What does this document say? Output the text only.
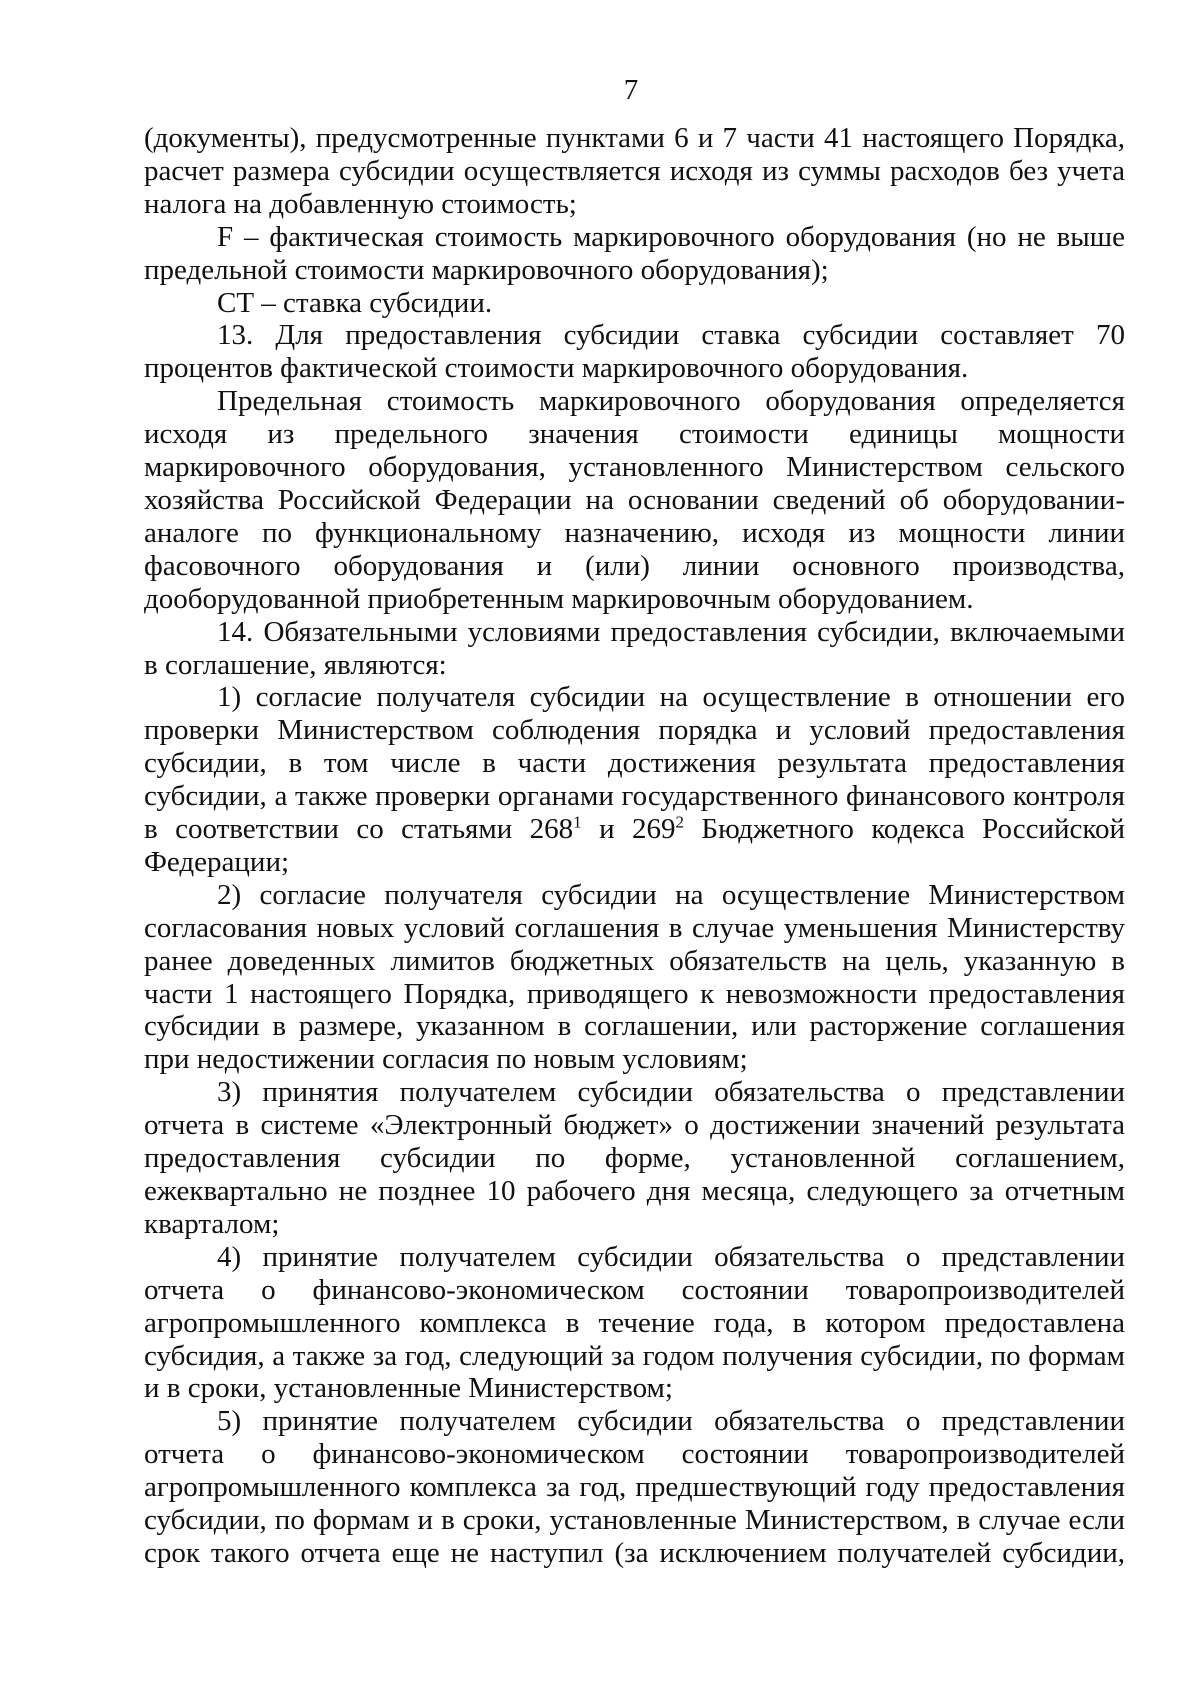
7

(документы), предусмотренные пунктами 6 и 7 части 41 настоящего Порядка, расчет размера субсидии осуществляется исходя из суммы расходов без учета налога на добавленную стоимость;

F – фактическая стоимость маркировочного оборудования (но не выше предельной стоимости маркировочного оборудования);

СТ – ставка субсидии.

13. Для предоставления субсидии ставка субсидии составляет 70 процентов фактической стоимости маркировочного оборудования.

Предельная стоимость маркировочного оборудования определяется исходя из предельного значения стоимости единицы мощности маркировочного оборудования, установленного Министерством сельского хозяйства Российской Федерации на основании сведений об оборудовании-аналоге по функциональному назначению, исходя из мощности линии фасовочного оборудования и (или) линии основного производства, дооборудованной приобретенным маркировочным оборудованием.

14. Обязательными условиями предоставления субсидии, включаемыми в соглашение, являются:

1) согласие получателя субсидии на осуществление в отношении его проверки Министерством соблюдения порядка и условий предоставления субсидии, в том числе в части достижения результата предоставления субсидии, а также проверки органами государственного финансового контроля в соответствии со статьями $268^1$ и $269^2$ Бюджетного кодекса Российской Федерации;

2) согласие получателя субсидии на осуществление Министерством согласования новых условий соглашения в случае уменьшения Министерству ранее доведенных лимитов бюджетных обязательств на цель, указанную в части 1 настоящего Порядка, приводящего к невозможности предоставления субсидии в размере, указанном в соглашении, или расторжение соглашения при недостижении согласия по новым условиям;

3) принятия получателем субсидии обязательства о представлении отчета в системе «Электронный бюджет» о достижении значений результата предоставления субсидии по форме, установленной соглашением, ежеквартально не позднее 10 рабочего дня месяца, следующего за отчетным кварталом;

4) принятие получателем субсидии обязательства о представлении отчета о финансово-экономическом состоянии товаропроизводителей агропромышленного комплекса в течение года, в котором предоставлена субсидия, а также за год, следующий за годом получения субсидии, по формам и в сроки, установленные Министерством;

5) принятие получателем субсидии обязательства о представлении отчета о финансово-экономическом состоянии товаропроизводителей агропромышленного комплекса за год, предшествующий году предоставления субсидии, по формам и в сроки, установленные Министерством, в случае если срок такого отчета еще не наступил (за исключением получателей субсидии,
